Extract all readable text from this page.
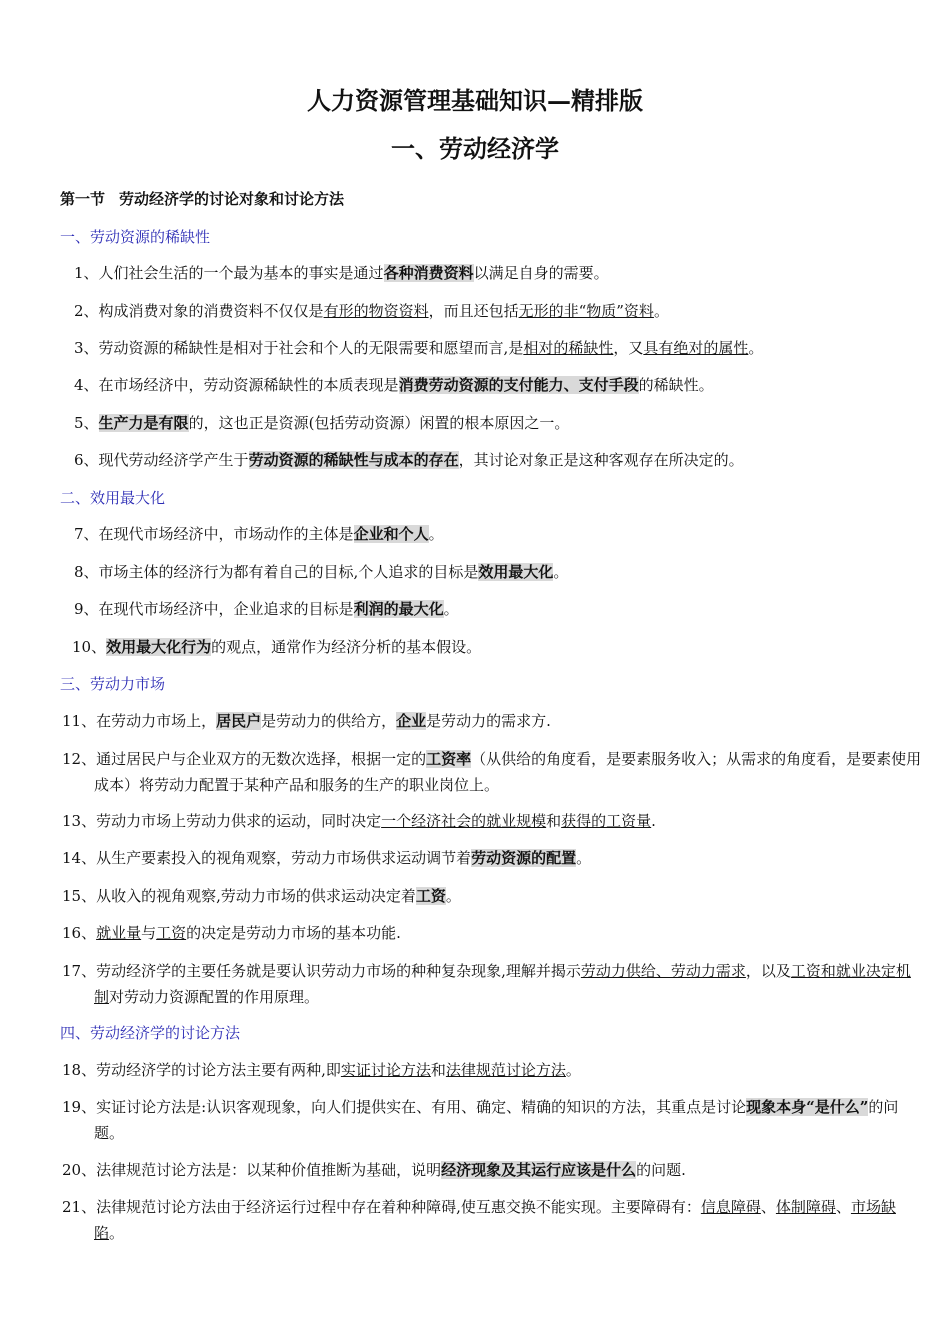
人力资源管理基础知识—精排版
一、劳动经济学
第一节 劳动经济学的讨论对象和讨论方法
一、劳动资源的稀缺性
1、人们社会生活的一个最为基本的事实是通过各种消费资料以满足自身的需要。
2、构成消费对象的消费资料不仅仅是有形的物资资料，而且还包括无形的非“物质”资料。
3、劳动资源的稀缺性是相对于社会和个人的无限需要和愿望而言,是相对的稀缺性，又具有绝对的属性。
4、在市场经济中，劳动资源稀缺性的本质表现是消费劳动资源的支付能力、支付手段的稀缺性。
5、生产力是有限的，这也正是资源(包括劳动资源）闲置的根本原因之一。
6、现代劳动经济学产生于劳动资源的稀缺性与成本的存在，其讨论对象正是这种客观存在所决定的。
二、效用最大化
7、在现代市场经济中，市场动作的主体是企业和个人。
8、市场主体的经济行为都有着自己的目标,个人追求的目标是效用最大化。
9、在现代市场经济中，企业追求的目标是利润的最大化。
10、效用最大化行为的观点，通常作为经济分析的基本假设。
三、劳动力市场
11、在劳动力市场上，居民户是劳动力的供给方，企业是劳动力的需求方.
12、通过居民户与企业双方的无数次选择，根据一定的工资率（从供给的角度看，是要素服务收入；从需求的角度看，是要素使用成本）将劳动力配置于某种产品和服务的生产的职业岗位上。
13、劳动力市场上劳动力供求的运动，同时决定一个经济社会的就业规模和获得的工资量.
14、从生产要素投入的视角观察，劳动力市场供求运动调节着劳动资源的配置。
15、从收入的视角观察,劳动力市场的供求运动决定着工资。
16、就业量与工资的决定是劳动力市场的基本功能.
17、劳动经济学的主要任务就是要认识劳动力市场的种种复杂现象,理解并揭示劳动力供给、劳动力需求，以及工资和就业决定机制对劳动力资源配置的作用原理。
四、劳动经济学的讨论方法
18、劳动经济学的讨论方法主要有两种,即实证讨论方法和法律规范讨论方法。
19、实证讨论方法是:认识客观现象，向人们提供实在、有用、确定、精确的知识的方法，其重点是讨论现象本身“是什么”的问题。
20、法律规范讨论方法是：以某种价值推断为基础，说明经济现象及其运行应该是什么的问题.
21、法律规范讨论方法由于经济运行过程中存在着种种障碍,使互惠交换不能实现。主要障碍有：信息障碍、体制障碍、市场缺陷。
